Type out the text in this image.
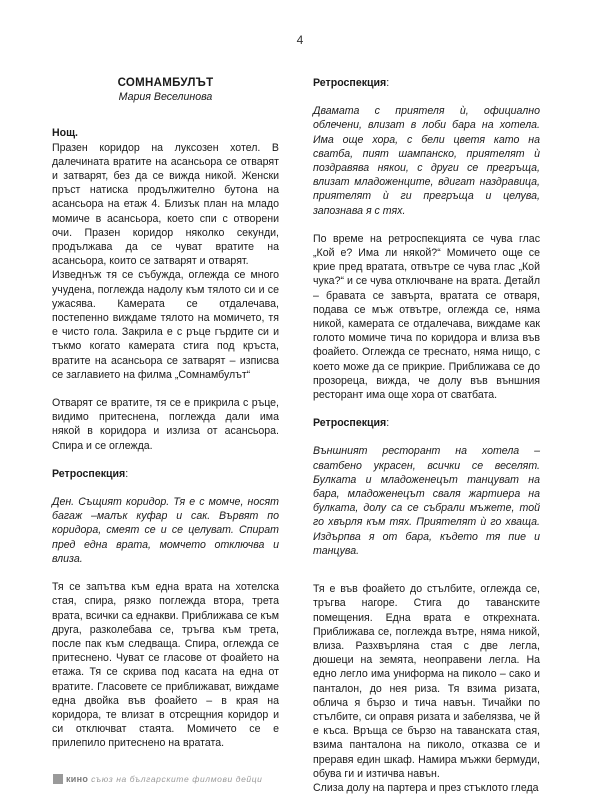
4

СОМНАМБУЛЪТ

Мария Веселинова

Нощ.

Празен коридор на луксозен хотел. В далечината вратите на асансьора се отварят и затварят, без да се вижда никой. Женски пръст натиска продължително бутона на асансьора на етаж 4. Близък план на младо момиче в асансьора, което спи с отворени очи. Празен коридор няколко секунди, продължава да се чуват вратите на асансьора, които се затварят и отварят.

Изведнъж тя се събужда, оглежда се много учудена, поглежда надолу към тялото си и се ужасява. Камерата се отдалечава, постепенно виждаме тялото на момичето, тя е чисто гола. Закрила е с ръце гърдите си и тъкмо когато камерата стига под кръста, вратите на асансьора се затварят – изписва се заглавието на филма „Сомнамбулът“

Отварят се вратите, тя се е прикрила с ръце, видимо притеснена, поглежда дали има някой в коридора и излиза от асансьора. Спира и се оглежда.

Ретроспекция:

Ден. Същият коридор. Тя е с момче, носят багаж –малък куфар и сак. Вървят по коридора, смеят се и се целуват. Спират пред една врата, момчето отключва и влиза.

Тя се запътва към една врата на хотелска стая, спира, рязко поглежда втора, трета врата, всички са еднакви. Приближава се към друга, разколебава се, тръгва към трета, после пак към следваща. Спира, оглежда се притеснено. Чуват се гласове от фоайето на етажа. Тя се скрива под касата на една от вратите. Гласовете се приближават, виждаме една двойка във фоайето – в края на коридора, те влизат в отсрещния коридор и си отключват стаята. Момичето се е прилепило притеснено на вратата.

Ретроспекция:

Двамата с приятеля ѝ, официално облечени, влизат в лоби бара на хотела. Има още хора, с бели цветя като на сватба, пият шампанско, приятелят ѝ поздравява някои, с други се прегръща, влизат младоженците, вдигат наздравица, приятелят ѝ ги прегръща и целува, запознава я с тях.

По време на ретроспекцията се чува глас „Кой е? Има ли някой?“ Момичето още се крие пред вратата, отвътре се чува глас „Кой чука?“ и се чува отключване на врата. Детайл – бравата се завърта, вратата се отваря, подава се мъж отвътре, оглежда се, няма никой, камерата се отдалечава, виждаме как голото момиче тича по коридора и влиза във фоайето. Оглежда се треснато, няма нищо, с което може да се прикрие. Приближава се до прозореца, вижда, че долу във външния ресторант има още хора от сватбата.

Ретроспекция:

Външният ресторант на хотела – сватбено украсен, всички се веселят. Булката и младоженецът танцуват на бара, младоженецът сваля жартиера на булката, долу са се събрали мъжете, той го хвърля към тях. Приятелят ѝ го хваща. Издърпва я от бара, където тя пие и танцува.

Тя е във фоайето до стълбите, оглежда се, тръгва нагоре. Стига до таванските помещения. Една врата е открехната. Приближава се, поглежда вътре, няма никой, влиза. Разхвърляна стая с две легла, дюшеци на земята, неоправени легла. На едно легло има униформа на пиколо – сако и панталон, до нея риза. Тя взима ризата, облича я бързо и тича навън. Тичайки по стълбите, си оправя ризата и забелязва, че й е къса. Връща се бързо на таванската стая, взима панталона на пиколо, отказва се и преравя един шкаф. Намира мъжки бермуди, обува ги и изтичва навън.

Слиза долу на партера и през стъклото гледа

кино съюз на българските филмови дейци
